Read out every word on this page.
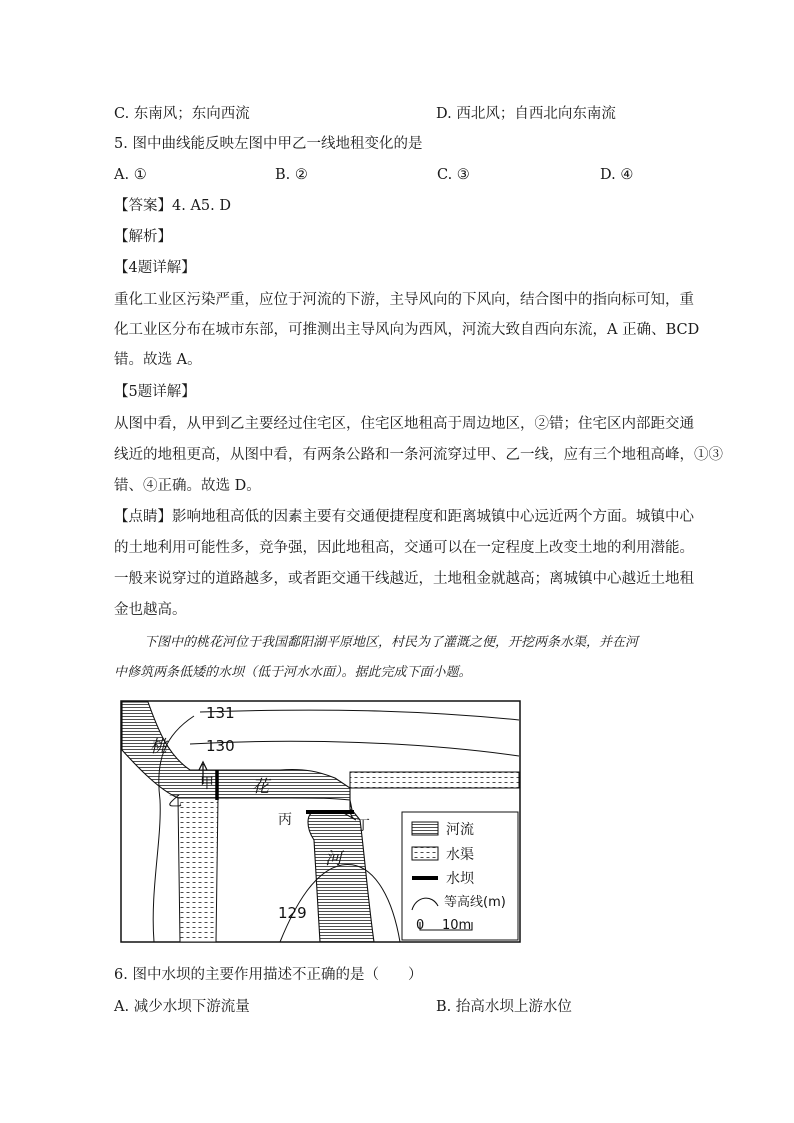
C. 东南风；东向西流	D. 西北风；自西北向东南流
5. 图中曲线能反映左图中甲乙一线地租变化的是
A. ①	B. ②	C. ③	D. ④
【答案】4. A5. D
【解析】
【4题详解】
重化工业区污染严重，应位于河流的下游，主导风向的下风向，结合图中的指向标可知，重
化工业区分布在城市东部，可推测出主导风向为西风，河流大致自西向东流，A 正确、BCD
错。故选 A。
【5题详解】
从图中看，从甲到乙主要经过住宅区，住宅区地租高于周边地区，②错；住宅区内部距交通
线近的地租更高，从图中看，有两条公路和一条河流穿过甲、乙一线，应有三个地租高峰，①③
错、④正确。故选 D。
【点睛】影响地租高低的因素主要有交通便捷程度和距离城镇中心远近两个方面。城镇中心
的土地利用可能性多，竞争强，因此地租高，交通可以在一定程度上改变土地的利用潜能。
一般来说穿过的道路越多，或者距交通干线越近，土地租金就越高；离城镇中心越近土地租
金也越高。
下图中的桃花河位于我国鄱阳湖平原地区，村民为了灌溉之便，开挖两条水渠，并在河
中修筑两条低矮的水坝（低于河水水面）。据此完成下面小题。
131
130
129
桃
花
河
甲
乙
丙	丁	河流
水渠
水坝
等高线(m)
0 10m
6. 图中水坝的主要作用描述不正确的是（　　）
A. 减少水坝下游流量	B. 抬高水坝上游水位
